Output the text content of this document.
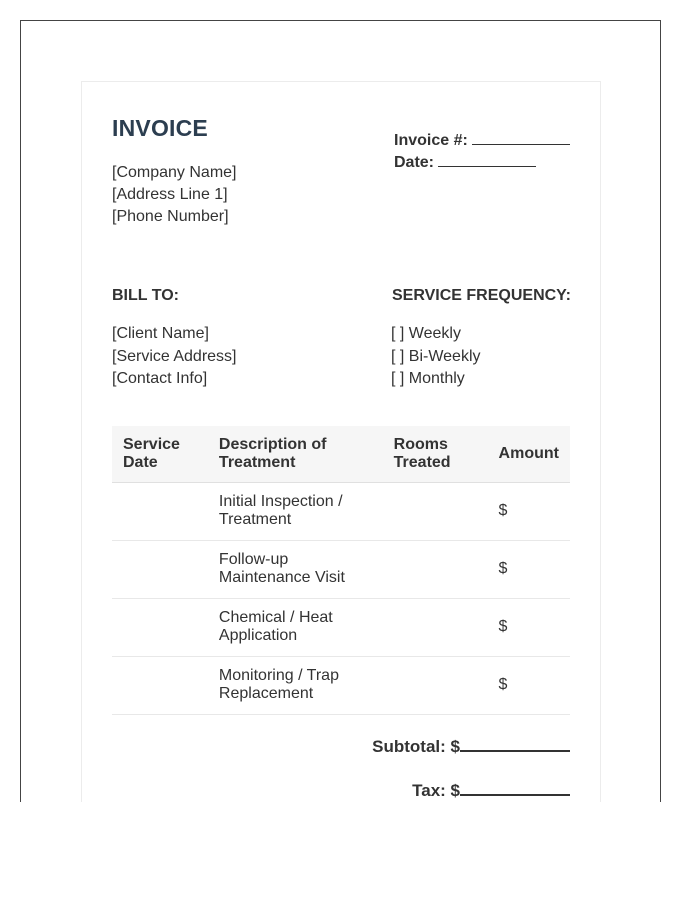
INVOICE
[Company Name]
[Address Line 1]
[Phone Number]
Invoice #:
Date:
BILL TO:
[Client Name]
[Service Address]
[Contact Info]
SERVICE FREQUENCY:
[ ] Weekly
[ ] Bi-Weekly
[ ] Monthly
Service Date	Description of Treatment	Rooms Treated	Amount
	Initial Inspection / Treatment		$
	Follow-up Maintenance Visit		$
	Chemical / Heat Application		$
	Monitoring / Trap Replacement		$
Subtotal: $
Tax: $
